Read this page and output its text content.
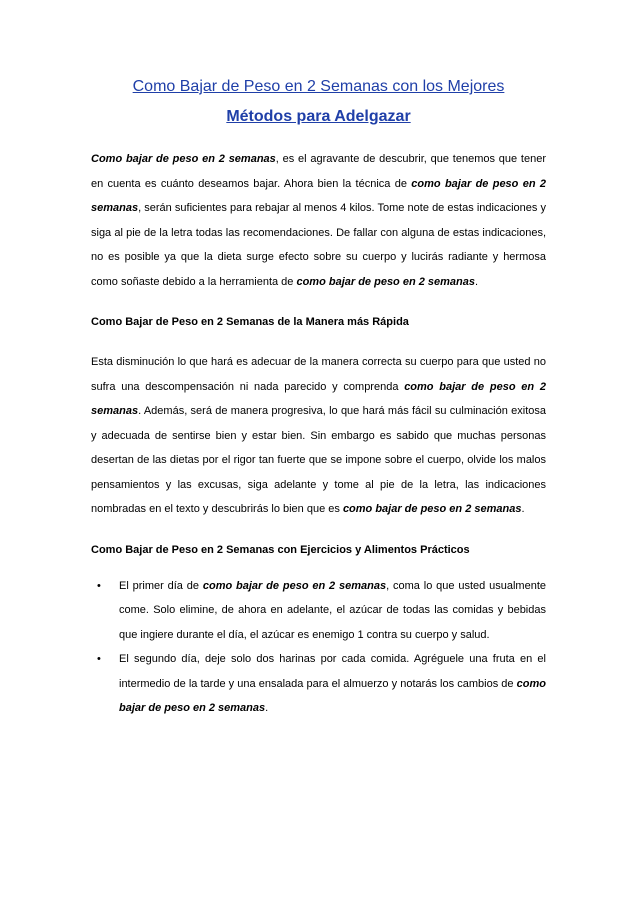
Como Bajar de Peso en 2 Semanas con los Mejores
Métodos para Adelgazar

Como bajar de peso en 2 semanas, es el agravante de descubrir, que tenemos que tener en cuenta es cuánto deseamos bajar. Ahora bien la técnica de como bajar de peso en 2 semanas, serán suficientes para rebajar al menos 4 kilos. Tome note de estas indicaciones y siga al pie de la letra todas las recomendaciones. De fallar con alguna de estas indicaciones, no es posible ya que la dieta surge efecto sobre su cuerpo y lucirás radiante y hermosa como soñaste debido a la herramienta de como bajar de peso en 2 semanas.

Como Bajar de Peso en 2 Semanas de la Manera más Rápida

Esta disminución lo que hará es adecuar de la manera correcta su cuerpo para que usted no sufra una descompensación ni nada parecido y comprenda como bajar de peso en 2 semanas. Además, será de manera progresiva, lo que hará más fácil su culminación exitosa y adecuada de sentirse bien y estar bien. Sin embargo es sabido que muchas personas desertan de las dietas por el rigor tan fuerte que se impone sobre el cuerpo, olvide los malos pensamientos y las excusas, siga adelante y tome al pie de la letra, las indicaciones nombradas en el texto y descubrirás lo bien que es como bajar de peso en 2 semanas.

Como Bajar de Peso en 2 Semanas con Ejercicios y Alimentos Prácticos
• El primer día de como bajar de peso en 2 semanas, coma lo que usted usualmente come. Solo elimine, de ahora en adelante, el azúcar de todas las comidas y bebidas que ingiere durante el día, el azúcar es enemigo 1 contra su cuerpo y salud.
• El segundo día, deje solo dos harinas por cada comida. Agréguele una fruta en el intermedio de la tarde y una ensalada para el almuerzo y notarás los cambios de como bajar de peso en 2 semanas.
